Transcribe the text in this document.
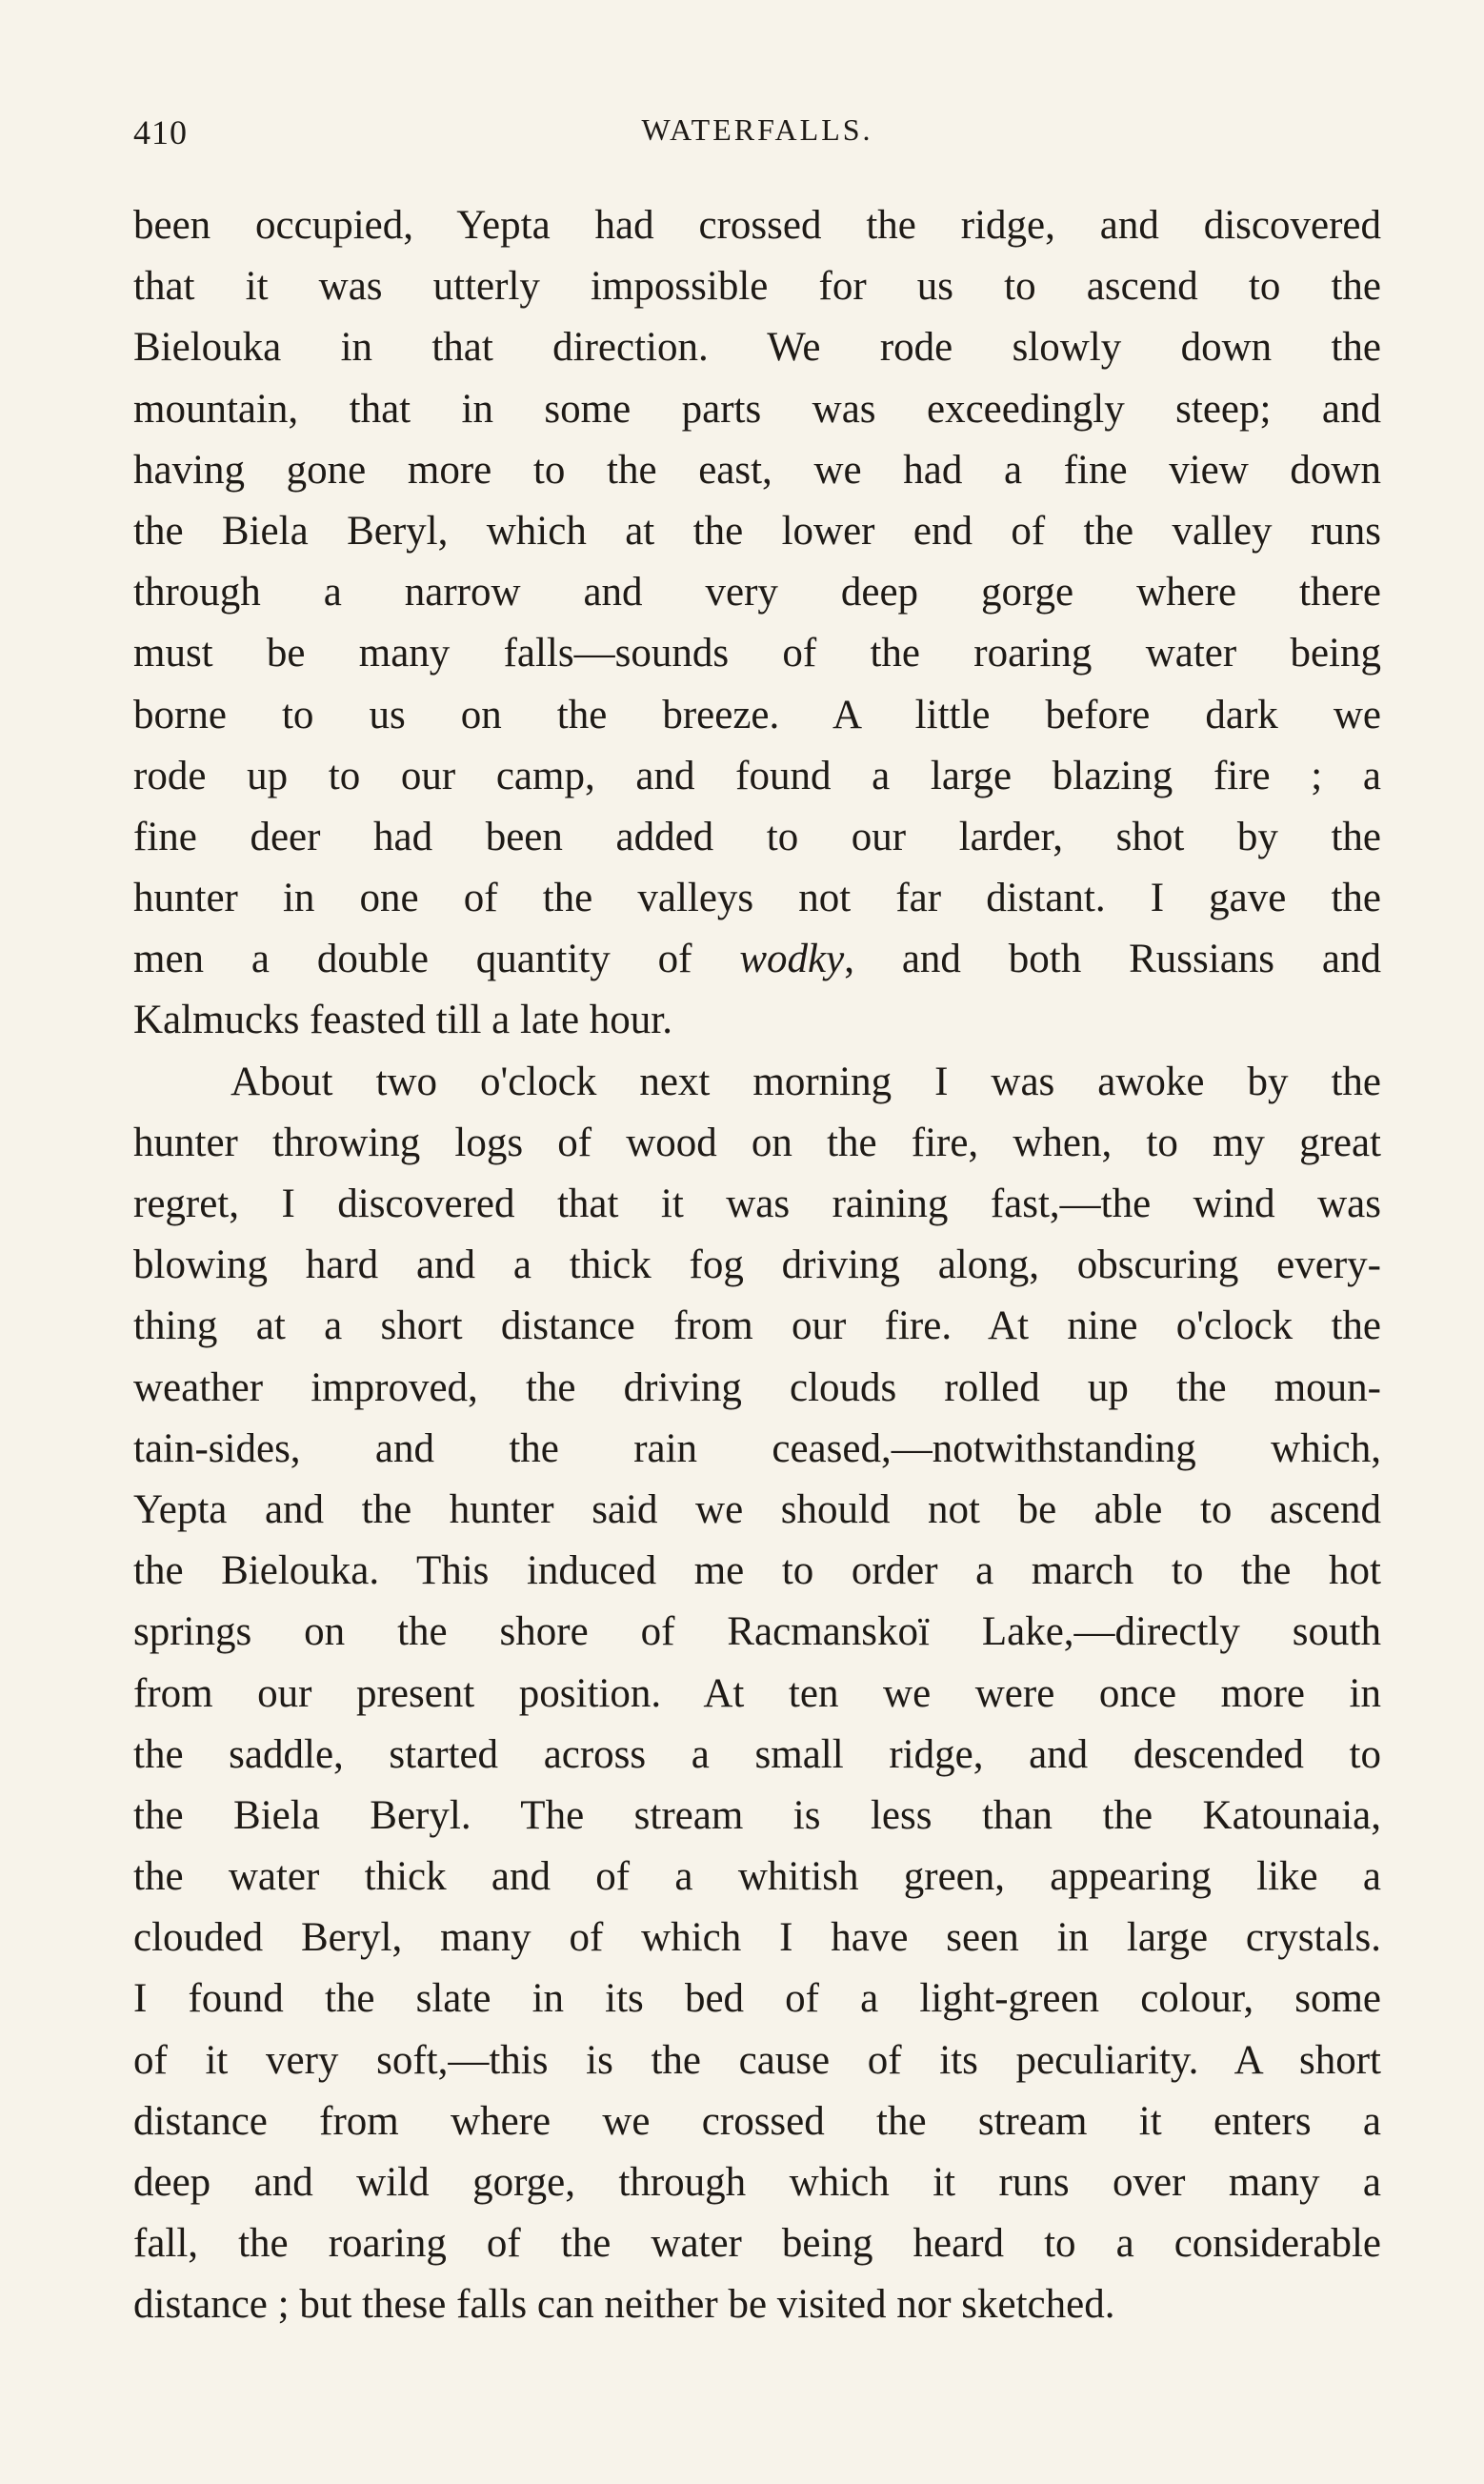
410	WATERFALLS.
been occupied, Yepta had crossed the ridge, and discovered
that it was utterly impossible for us to ascend to the
Bielouka in that direction. We rode slowly down the
mountain, that in some parts was exceedingly steep; and
having gone more to the east, we had a fine view down
the Biela Beryl, which at the lower end of the valley runs
through a narrow and very deep gorge where there
must be many falls—sounds of the roaring water being
borne to us on the breeze. A little before dark we
rode up to our camp, and found a large blazing fire ; a
fine deer had been added to our larder, shot by the
hunter in one of the valleys not far distant. I gave the
men a double quantity of wodky, and both Russians and
Kalmucks feasted till a late hour.
About two o'clock next morning I was awoke by the
hunter throwing logs of wood on the fire, when, to my great
regret, I discovered that it was raining fast,—the wind was
blowing hard and a thick fog driving along, obscuring every-
thing at a short distance from our fire. At nine o'clock the
weather improved, the driving clouds rolled up the moun-
tain-sides, and the rain ceased,—notwithstanding which,
Yepta and the hunter said we should not be able to ascend
the Bielouka. This induced me to order a march to the hot
springs on the shore of Racmanskoï Lake,—directly south
from our present position. At ten we were once more in
the saddle, started across a small ridge, and descended to
the Biela Beryl. The stream is less than the Katounaia,
the water thick and of a whitish green, appearing like a
clouded Beryl, many of which I have seen in large crystals.
I found the slate in its bed of a light-green colour, some
of it very soft,—this is the cause of its peculiarity. A short
distance from where we crossed the stream it enters a
deep and wild gorge, through which it runs over many a
fall, the roaring of the water being heard to a considerable
distance ; but these falls can neither be visited nor sketched.
